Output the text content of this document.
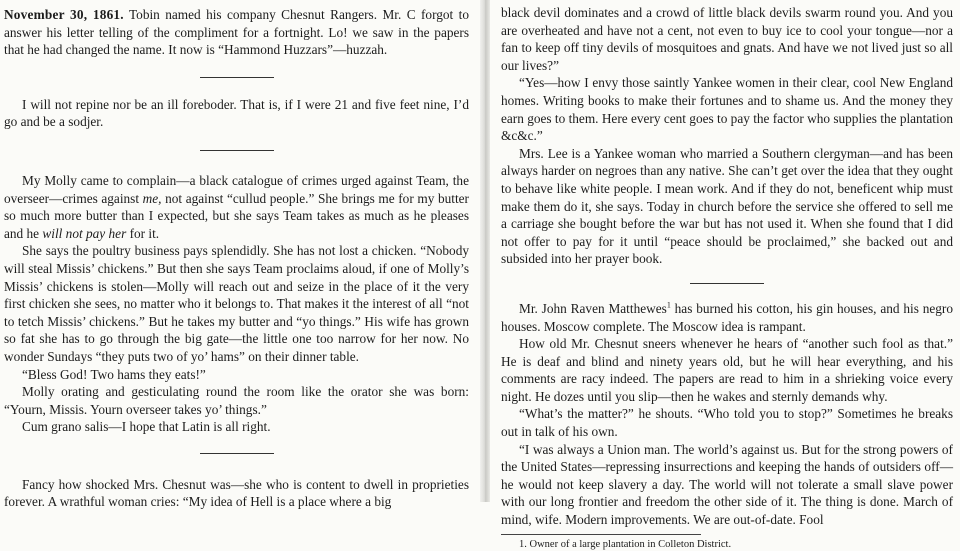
November 30, 1861. Tobin named his company Chesnut Rangers. Mr. C forgot to answer his letter telling of the compliment for a fortnight. Lo! we saw in the papers that he had changed the name. It now is “Hammond Huzzars”—huzzah.

I will not repine nor be an ill foreboder. That is, if I were 21 and five feet nine, I’d go and be a sodjer.

My Molly came to complain—a black catalogue of crimes urged against Team, the overseer—crimes against me, not against “cullud people.” She brings me for my butter so much more butter than I expected, but she says Team takes as much as he pleases and he will not pay her for it.

She says the poultry business pays splendidly. She has not lost a chicken. “Nobody will steal Missis’ chickens.” But then she says Team proclaims aloud, if one of Molly’s Missis’ chickens is stolen—Molly will reach out and seize in the place of it the very first chicken she sees, no matter who it belongs to. That makes it the interest of all “not to tetch Missis’ chickens.” But he takes my butter and “yo things.” His wife has grown so fat she has to go through the big gate—the little one too narrow for her now. No wonder Sundays “they puts two of yo’ hams” on their dinner table.

“Bless God! Two hams they eats!”

Molly orating and gesticulating round the room like the orator she was born: “Yourn, Missis. Yourn overseer takes yo’ things.”

Cum grano salis—I hope that Latin is all right.

Fancy how shocked Mrs. Chesnut was—she who is content to dwell in proprieties forever. A wrathful woman cries: “My idea of Hell is a place where a big

black devil dominates and a crowd of little black devils swarm round you. And you are overheated and have not a cent, not even to buy ice to cool your tongue—nor a fan to keep off tiny devils of mosquitoes and gnats. And have we not lived just so all our lives?”

“Yes—how I envy those saintly Yankee women in their clear, cool New England homes. Writing books to make their fortunes and to shame us. And the money they earn goes to them. Here every cent goes to pay the factor who supplies the plantation &c&c.”

Mrs. Lee is a Yankee woman who married a Southern clergyman—and has been always harder on negroes than any native. She can’t get over the idea that they ought to behave like white people. I mean work. And if they do not, beneficent whip must make them do it, she says. Today in church before the service she offered to sell me a carriage she bought before the war but has not used it. When she found that I did not offer to pay for it until “peace should be proclaimed,” she backed out and subsided into her prayer book.

Mr. John Raven Matthewes$^1$ has burned his cotton, his gin houses, and his negro houses. Moscow complete. The Moscow idea is rampant.

How old Mr. Chesnut sneers whenever he hears of “another such fool as that.” He is deaf and blind and ninety years old, but he will hear everything, and his comments are racy indeed. The papers are read to him in a shrieking voice every night. He dozes until you slip—then he wakes and sternly demands why.

“What’s the matter?” he shouts. “Who told you to stop?” Sometimes he breaks out in talk of his own.

“I was always a Union man. The world’s against us. But for the strong powers of the United States—repressing insurrections and keeping the hands of outsiders off—he would not keep slavery a day. The world will not tolerate a small slave power with our long frontier and freedom the other side of it. The thing is done. March of mind, wife. Modern improvements. We are out-of-date. Fool

1. Owner of a large plantation in Colleton District.
